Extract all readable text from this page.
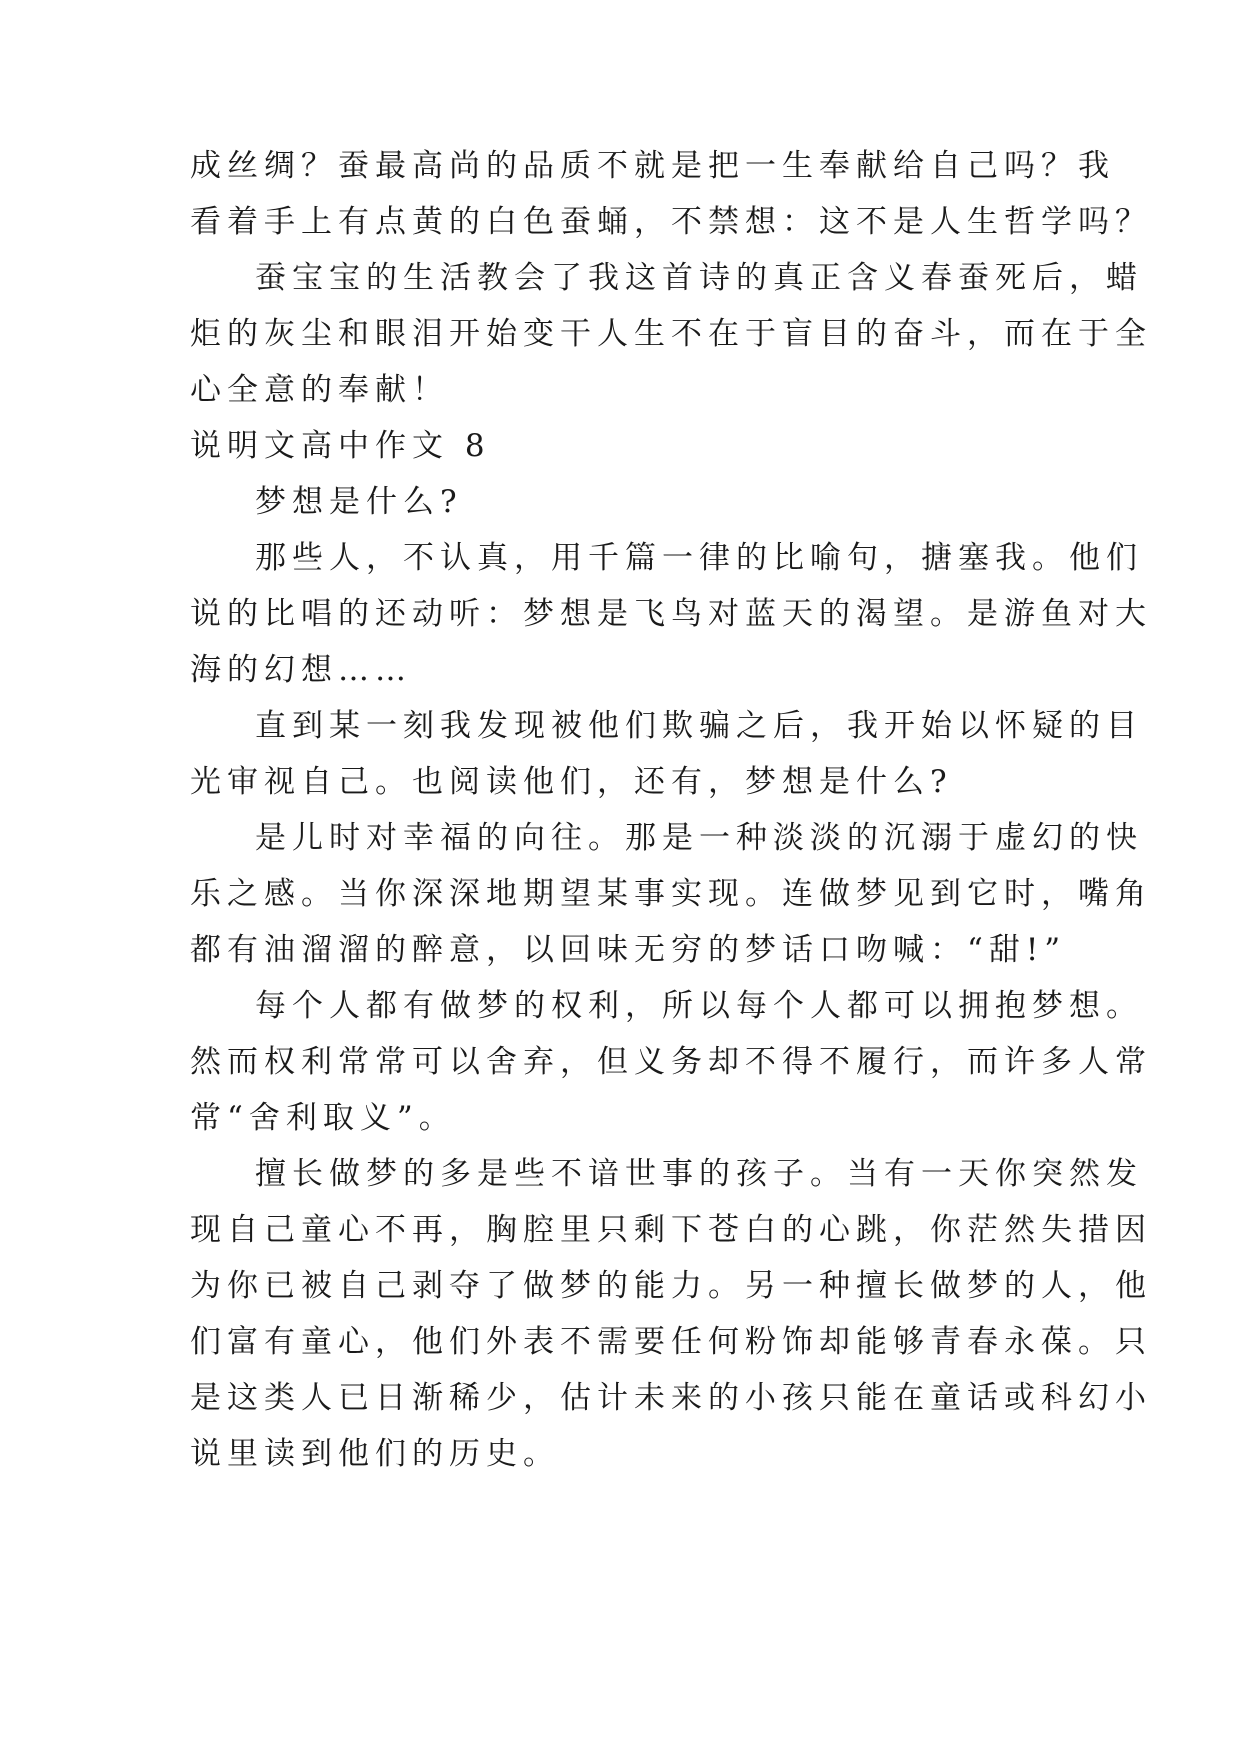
成丝绸？蚕最高尚的品质不就是把一生奉献给自己吗？我
看着手上有点黄的白色蚕蛹，不禁想：这不是人生哲学吗？
蚕宝宝的生活教会了我这首诗的真正含义春蚕死后，蜡
炬的灰尘和眼泪开始变干人生不在于盲目的奋斗，而在于全
心全意的奉献！
说明文高中作文 8
梦想是什么?
那些人，不认真，用千篇一律的比喻句，搪塞我。他们
说的比唱的还动听：梦想是飞鸟对蓝天的渴望。是游鱼对大
海的幻想……
直到某一刻我发现被他们欺骗之后，我开始以怀疑的目
光审视自己。也阅读他们，还有，梦想是什么?
是儿时对幸福的向往。那是一种淡淡的沉溺于虚幻的快
乐之感。当你深深地期望某事实现。连做梦见到它时，嘴角
都有油溜溜的醉意，以回味无穷的梦话口吻喊：“甜!”
每个人都有做梦的权利，所以每个人都可以拥抱梦想。
然而权利常常可以舍弃，但义务却不得不履行，而许多人常
常“舍利取义”。
擅长做梦的多是些不谙世事的孩子。当有一天你突然发
现自己童心不再，胸腔里只剩下苍白的心跳，你茫然失措因
为你已被自己剥夺了做梦的能力。另一种擅长做梦的人，他
们富有童心，他们外表不需要任何粉饰却能够青春永葆。只
是这类人已日渐稀少，估计未来的小孩只能在童话或科幻小
说里读到他们的历史。
